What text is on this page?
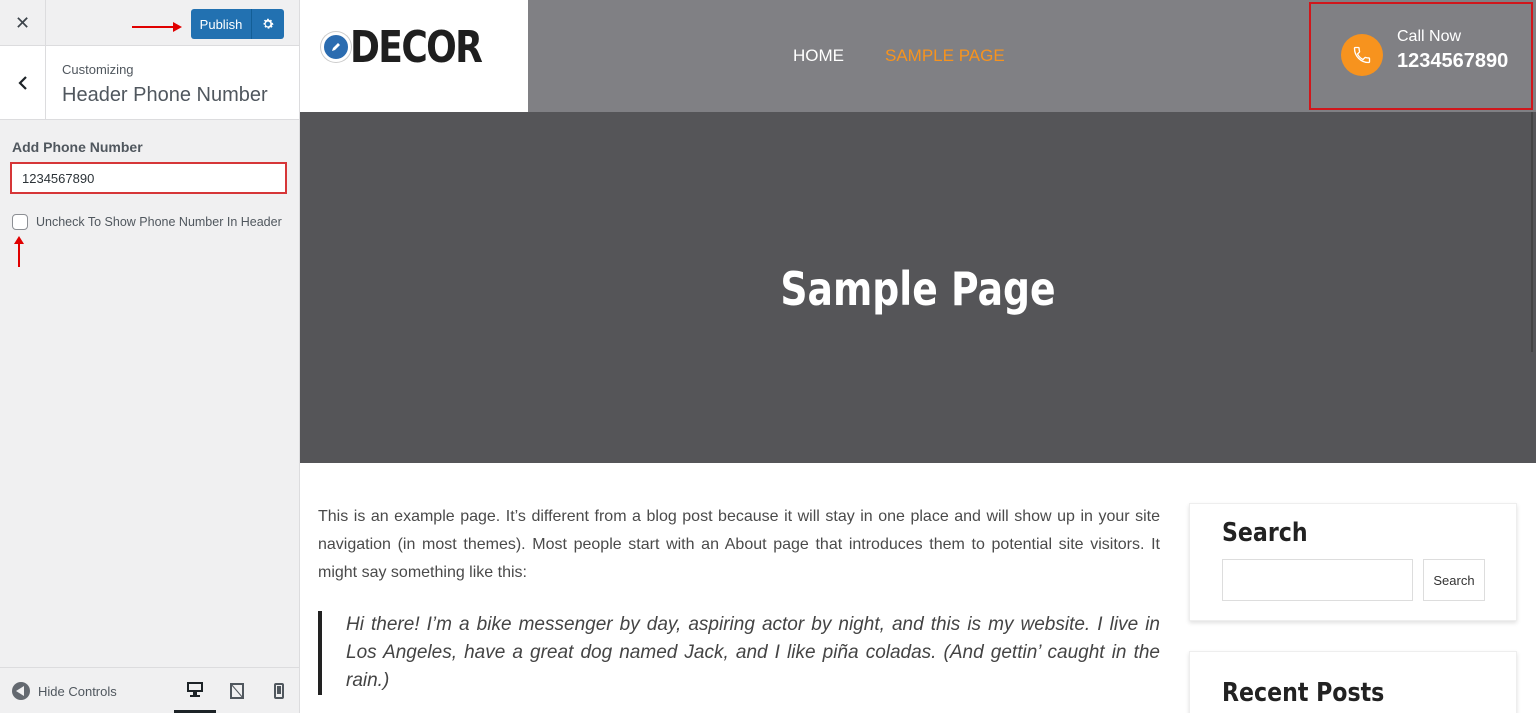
✕	Publish
Customizing
Header Phone Number
Add Phone Number
1234567890
Uncheck To Show Phone Number In Header
Hide Controls
DECOR	HOME SAMPLE PAGE
Call Now
1234567890
Sample Page

This is an example page. It’s different from a blog post because it will stay in one place and will show up in your site navigation (in most themes). Most people start with an About page that introduces them to potential site visitors. It might say something like this:

Hi there! I’m a bike messenger by day, aspiring actor by night, and this is my website. I live in Los Angeles, have a great dog named Jack, and I like piña coladas. (And gettin’ caught in the rain.)
Search
Search
Recent Posts
